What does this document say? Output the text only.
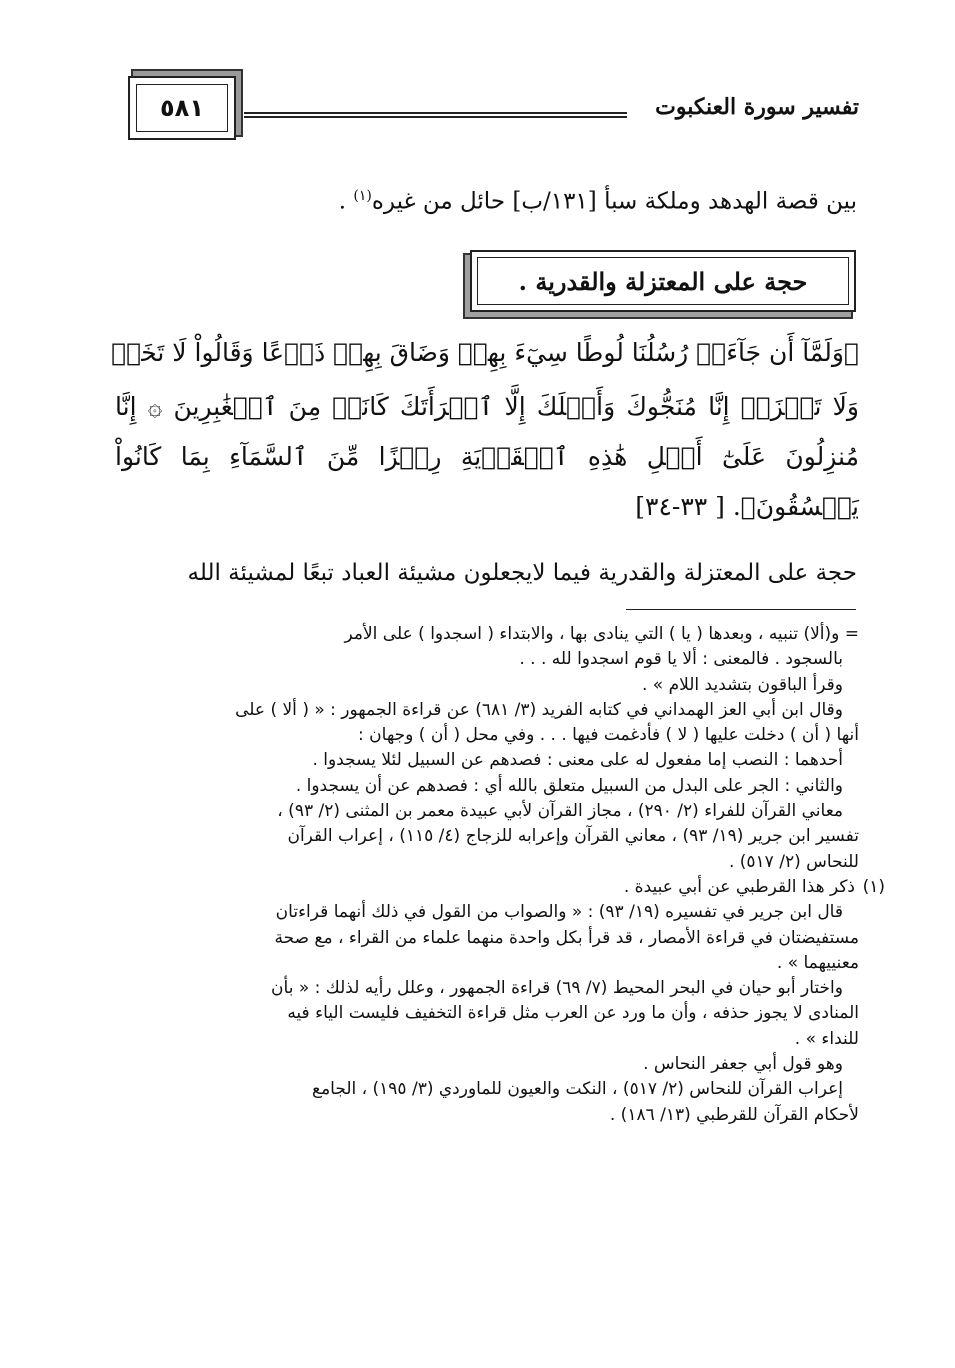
٥٨١	تفسير سورة العنكبوت
بين قصة الهدهد وملكة سبأ [١٣١/ب] حائل من غيره$^{(١)}$ .
حجة على المعتزلة والقدرية .
﴿وَلَمَّآ أَن جَآءَتۡ رُسُلُنَا لُوطًا سِيٓءَ بِهِمۡ وَضَاقَ بِهِمۡ ذَرۡعًا وَقَالُواْ لَا تَخَفۡ
وَلَا تَحۡزَنۡ إِنَّا مُنَجُّوكَ وَأَهۡلَكَ إِلَّا ٱمۡرَأَتَكَ كَانَتۡ مِنَ ٱلۡغَٰبِرِينَ ۞ إِنَّا
مُنزِلُونَ عَلَىٰٓ أَهۡلِ هَٰذِهِ ٱلۡقَرۡيَةِ رِجۡزًا مِّنَ ٱلسَّمَآءِ بِمَا كَانُواْ
يَفۡسُقُونَ﴾. [ ٣٣-٣٤]
حجة على المعتزلة والقدرية فيما لايجعلون مشيئة العباد تبعًا لمشيئة الله
= و(ألا) تنبيه ، وبعدها ( يا ) التي ينادى بها ، والابتداء ( اسجدوا ) على الأمر
بالسجود . فالمعنى : ألا يا قوم اسجدوا لله . . .
وقرأ الباقون بتشديد اللام » .
وقال ابن أبي العز الهمداني في كتابه الفريد (٣/ ٦٨١) عن قراءة الجمهور : « ( ألا ) على
أنها ( أن ) دخلت عليها ( لا ) فأدغمت فيها . . . وفي محل ( أن ) وجهان :
أحدهما : النصب إما مفعول له على معنى : فصدهم عن السبيل لئلا يسجدوا .
والثاني : الجر على البدل من السبيل متعلق بالله أي : فصدهم عن أن يسجدوا .
معاني القرآن للفراء (٢/ ٢٩٠) ، مجاز القرآن لأبي عبيدة معمر بن المثنى (٢/ ٩٣) ،
تفسير ابن جرير (١٩/ ٩٣) ، معاني القرآن وإعرابه للزجاج (٤/ ١١٥) ، إعراب القرآن
للنحاس (٢/ ٥١٧) .
(١)ذكر هذا القرطبي عن أبي عبيدة .
قال ابن جرير في تفسيره (١٩/ ٩٣) : « والصواب من القول في ذلك أنهما قراءتان
مستفيضتان في قراءة الأمصار ، قد قرأ بكل واحدة منهما علماء من القراء ، مع صحة
معنييهما » .
واختار أبو حيان في البحر المحيط (٧/ ٦٩) قراءة الجمهور ، وعلل رأيه لذلك : « بأن
المنادى لا يجوز حذفه ، وأن ما ورد عن العرب مثل قراءة التخفيف فليست الياء فيه
للنداء » .
وهو قول أبي جعفر النحاس .
إعراب القرآن للنحاس (٢/ ٥١٧) ، النكت والعيون للماوردي (٣/ ١٩٥) ، الجامع
لأحكام القرآن للقرطبي (١٣/ ١٨٦) .
